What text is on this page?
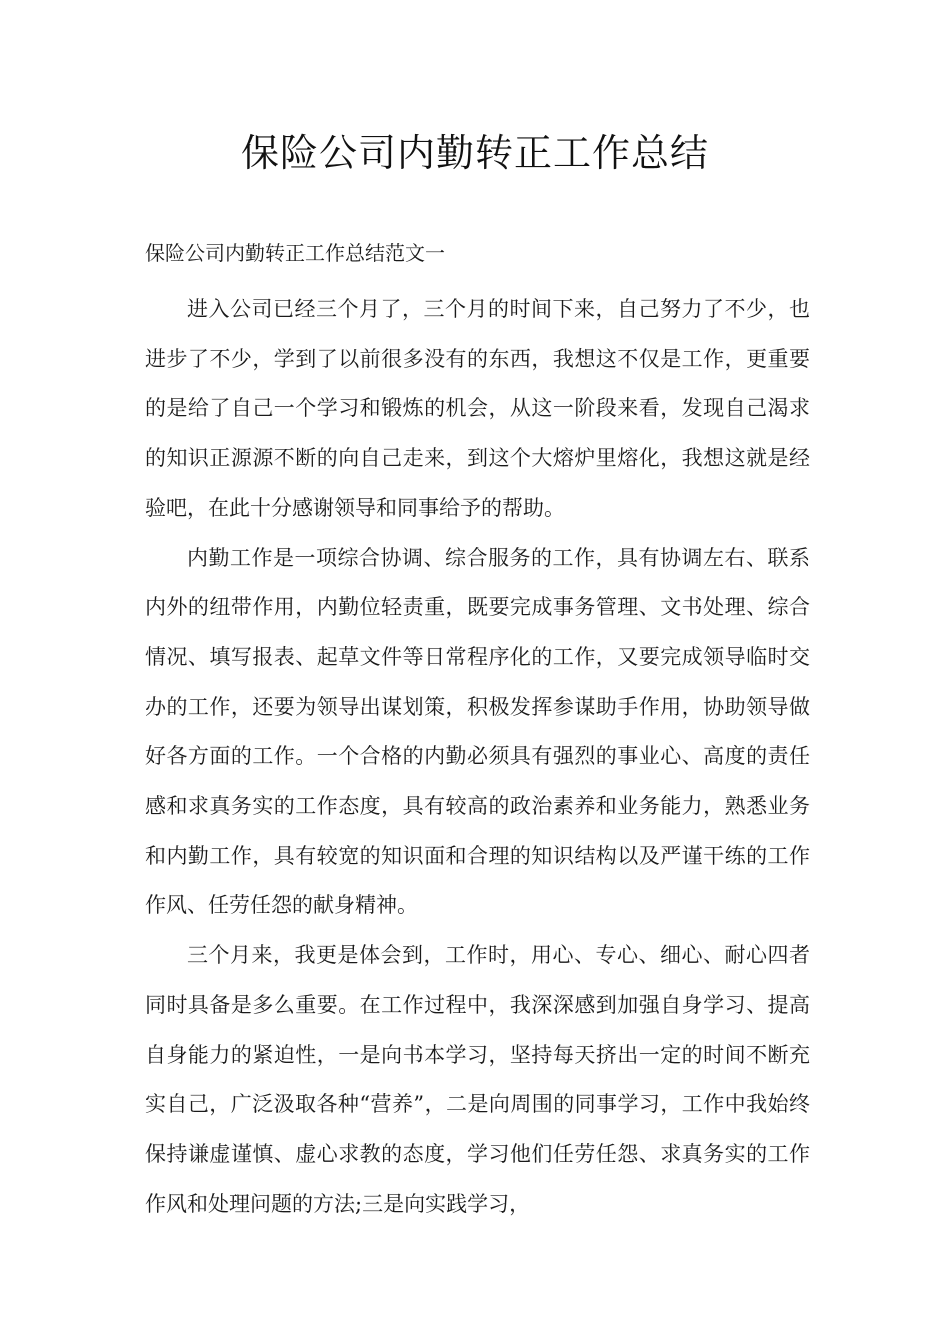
保险公司内勤转正工作总结

保险公司内勤转正工作总结范文一

进入公司已经三个月了，三个月的时间下来，自己努力了不少，也进步了不少，学到了以前很多没有的东西，我想这不仅是工作，更重要的是给了自己一个学习和锻炼的机会，从这一阶段来看，发现自己渴求的知识正源源不断的向自己走来，到这个大熔炉里熔化，我想这就是经验吧，在此十分感谢领导和同事给予的帮助。

内勤工作是一项综合协调、综合服务的工作，具有协调左右、联系内外的纽带作用，内勤位轻责重，既要完成事务管理、文书处理、综合情况、填写报表、起草文件等日常程序化的工作，又要完成领导临时交办的工作，还要为领导出谋划策，积极发挥参谋助手作用，协助领导做好各方面的工作。一个合格的内勤必须具有强烈的事业心、高度的责任感和求真务实的工作态度，具有较高的政治素养和业务能力，熟悉业务和内勤工作，具有较宽的知识面和合理的知识结构以及严谨干练的工作作风、任劳任怨的献身精神。

三个月来，我更是体会到，工作时，用心、专心、细心、耐心四者同时具备是多么重要。在工作过程中，我深深感到加强自身学习、提高自身能力的紧迫性，一是向书本学习，坚持每天挤出一定的时间不断充实自己，广泛汲取各种“营养”，二是向周围的同事学习，工作中我始终保持谦虚谨慎、虚心求教的态度，学习他们任劳任怨、求真务实的工作作风和处理问题的方法;三是向实践学习，
